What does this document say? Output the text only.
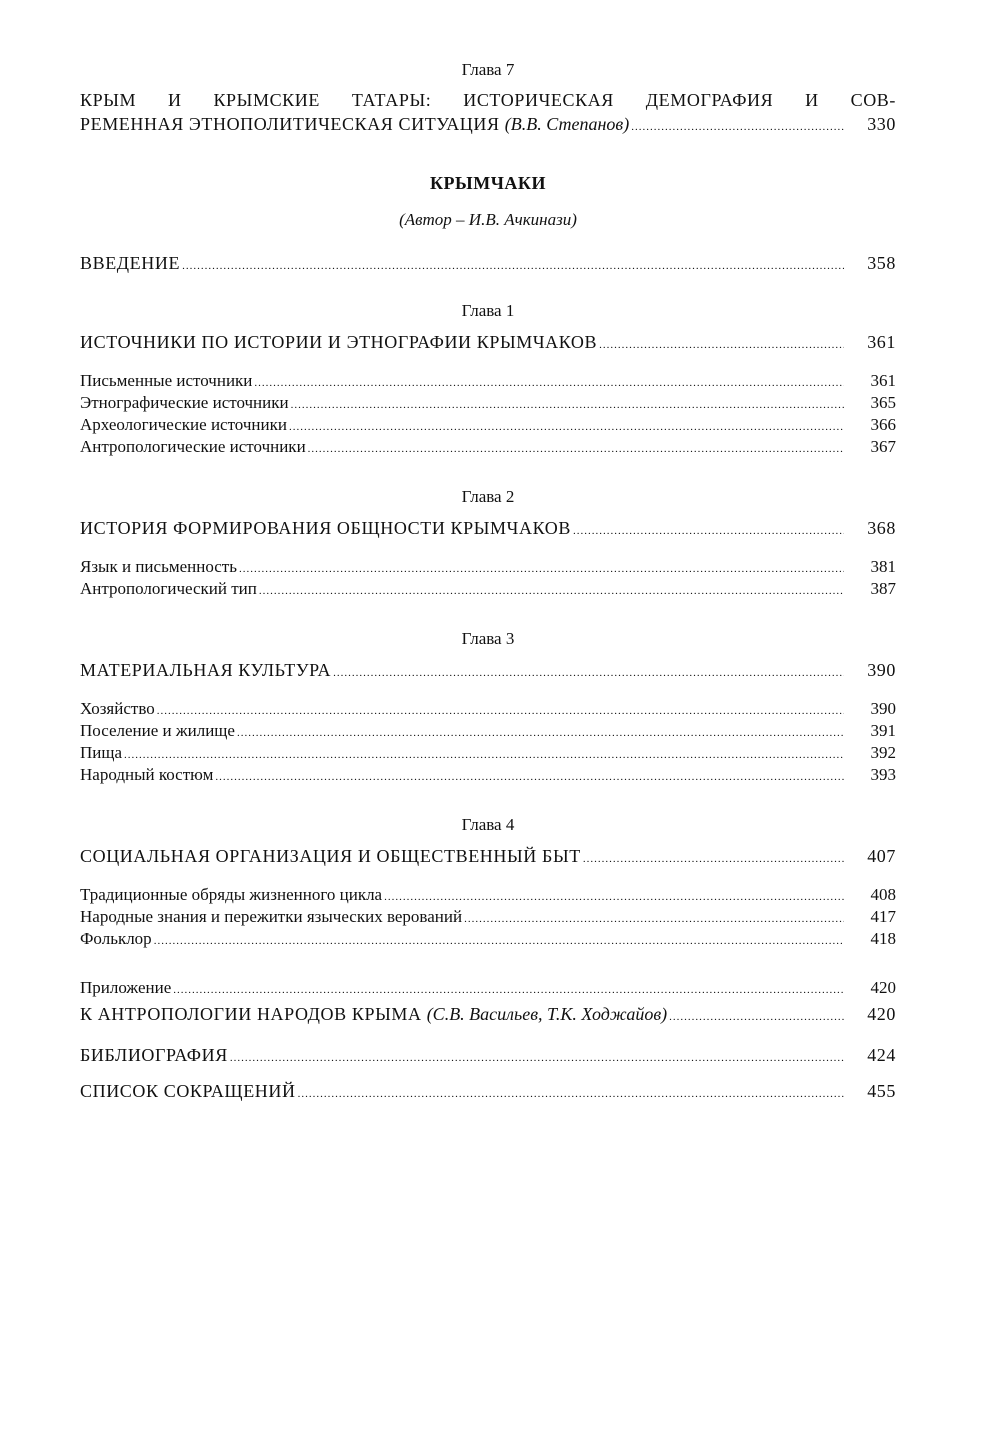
Глава 7
КРЫМ И КРЫМСКИЕ ТАТАРЫ: ИСТОРИЧЕСКАЯ ДЕМОГРАФИЯ И СОВ-
РЕМЕННАЯ ЭТНОПОЛИТИЧЕСКАЯ СИТУАЦИЯ (В.В. Степанов) .....	330
КРЫМЧАКИ
(Автор – И.В. Ачкинази)
ВВЕДЕНИЕ .....	358
Глава 1
ИСТОЧНИКИ ПО ИСТОРИИ И ЭТНОГРАФИИ КРЫМЧАКОВ .....	361
Письменные источники .....	361
Этнографические источники .....	365
Археологические источники .....	366
Антропологические источники .....	367
Глава 2
ИСТОРИЯ ФОРМИРОВАНИЯ ОБЩНОСТИ КРЫМЧАКОВ .....	368
Язык и письменность .....	381
Антропологический тип .....	387
Глава 3
МАТЕРИАЛЬНАЯ КУЛЬТУРА .....	390
Хозяйство .....	390
Поселение и жилище .....	391
Пища .....	392
Народный костюм .....	393
Глава 4
СОЦИАЛЬНАЯ ОРГАНИЗАЦИЯ И ОБЩЕСТВЕННЫЙ БЫТ .....	407
Традиционные обряды жизненного цикла .....	408
Народные знания и пережитки языческих верований .....	417
Фольклор .....	418
Приложение .....	420
К АНТРОПОЛОГИИ НАРОДОВ КРЫМА (С.В. Васильев, Т.К. Ходжайов) .....	420
БИБЛИОГРАФИЯ .....	424
СПИСОК СОКРАЩЕНИЙ .....	455
